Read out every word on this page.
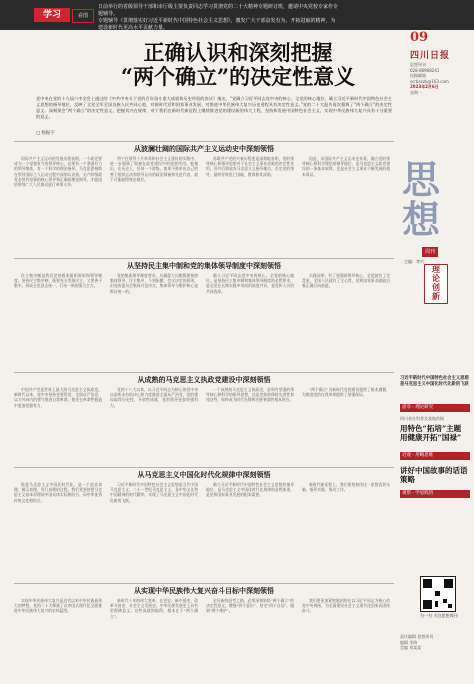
学习	看图
日前举行的省级领导干部和市厅级主要负责同志学习贯彻党的二十大精神专题研讨班，邀请中央党校专家作专题辅导。
专题辅导《贯彻落实好习近平新时代中国特色社会主义思想》，激发广大干部奋发有为、开拓进取的精神，为建设新时代更高水平贡献力量。
09
四川日报
思想周刊
028-86968241
投稿邮箱
scrbsxzk@163.com
2023年2月6日
星期一
正确认识和深刻把握
“两个确立”的决定性意义
党中央在党的十九届六中全会上通过的《中共中央关于党的百年奋斗重大成就和历史经验的决议》指出，“党确立习近平同志党中央的核心、全党的核心地位，确立习近平新时代中国特色社会主义思想的指导地位，反映了全党全军全国各族人民共同心愿，对新时代党和国家事业发展、对推进中华民族伟大复兴历史进程具有决定性意义。”党的二十大报告再次强调了“两个确立”的决定性意义。深刻领会“两个确立”的决定性意义，把握其内在规律，对于我们在新时代新征程上继续推进党的建设新的伟大工程，坚持和发展中国特色社会主义，实现中华民族伟大复兴具有十分重要的意义。
□ 杨振宇
从波澜壮阔的国际共产主义运动史中深刻领悟

国际共产主义运动的发展历程表明，一个政党要成为一个坚强有力的领导核心，必须有一个坚强有力的领导集体，有一个科学的理论指导。马克思恩格斯在领导国际工人运动过程中深刻认识到，无产阶级政党必须有坚强的核心领导和正确的理论指导，才能团结带领广大人民群众进行革命斗争。

列宁在领导十月革命和社会主义建设的实践中，进一步强调了领袖在政党建设中的重要作用。他指出，在历史上，任何一个阶级，如果不推举出自己的善于组织运动和领导运动的政治领袖和先进代表，就不可能取得统治地位。

苏联共产党的兴衰历程更是深刻地表明，党的领导核心和指导思想对于社会主义事业成败的决定性作用。苏共后期放弃马克思主义指导地位，否定党的领导，最终导致党亡国破，教训极其深刻。

因此，从国际共产主义运动史来看，确立党的领导核心和科学理论的指导地位，是马克思主义政党建设的一条基本规律，也是社会主义事业不断发展的根本保证。

从坚持民主集中制和党的集体领导制度中深刻领悟

民主集中制是我们党的根本组织原则和领导制度。坚持民主集中制，既要充分发扬民主，又要善于集中，形成全党意志统一、行动一致的强大合力。

党的集体领导制度要求，凡属重大问题都要按照集体领导、民主集中、个别酝酿、会议决定的原则，由党的委员会集体讨论决定。集体领导与维护核心是辩证统一的。

确立习近平同志党中央的核心、全党的核心地位，是坚持民主集中制和集体领导制度的必然要求，是全党在长期实践中形成的高度共识，是党和人民的共同选择。

实践证明，有了坚强的领导核心，全党就有了定盘星，全国人民就有了主心骨，党和国家事业就能沿着正确方向前进。

从成熟的马克思主义执政党建设中深刻领悟

中国共产党是世界上最大的马克思主义执政党。新时代以来，党中央坚持党要管党、全面从严治党，以刀刃向内的勇气推进自我革命，使党在革命性锻造中更加坚强有力。

党的十八大以来，以习近平同志为核心的党中央以前所未有的决心和力度推进全面从严治党，党的建设取得历史性、开创性成就，党的领导更加坚强有力。

一个成熟的马克思主义执政党，必须有坚强的领导核心和科学的指导思想，这是党始终保持先进性和纯洁性、始终成为时代先锋和民族脊梁的根本所在。

“两个确立”为新时代党的建设提供了根本遵循，为推进党的自我革命提供了坚强保证。

从马克思主义中国化时代化规律中深刻领悟

推进马克思主义中国化时代化，是一个追求真理、揭示真理、笃行真理的过程。我们党坚持把马克思主义基本原理同中国具体实际相结合、同中华优秀传统文化相结合。

习近平新时代中国特色社会主义思想是当代中国马克思主义、二十一世纪马克思主义，是中华文化和中国精神的时代精华，实现了马克思主义中国化时代化新的飞跃。

确立习近平新时代中国特色社会主义思想的指导地位，是马克思主义中国化时代化规律的必然体现，是党和国家事业发展的根本需要。

新时代新征程上，我们要坚持用这一思想武装头脑、指导实践、推动工作。

从实现中华民族伟大复兴奋斗目标中深刻领悟

实现中华民族伟大复兴是近代以来中华民族最伟大的梦想。党的二十大擘画了以中国式现代化全面推进中华民族伟大复兴的宏伟蓝图。

新时代十年的伟大变革，在党史、新中国史、改革开放史、社会主义发展史、中华民族发展史上具有里程碑意义。这些成就的取得，根本在于“两个确立”。

走好新的赶考之路，必须深刻领悟“两个确立”的决定性意义，增强“四个意识”、坚定“四个自信”、做到“两个维护”。

我们要更加紧密地团结在以习近平同志为核心的党中央周围，为全面建设社会主义现代化国家而团结奋斗。

思
想
周刊
主编：李兴
理
论
创
新
习近平新时代中国特色社会主义思想是马克思主义中国化时代化新的飞跃
思享 · 理论研究
四川省社科普及基地供稿
用特色“拓培”主题 用健康开拓“国禄”
近观 · 用略思维
讲好中国故事的话语策略
观察 · 学思践悟
扫一扫 关注思想周刊
责任编辑 思想周刊
编辑 李海
美编 刘某某
